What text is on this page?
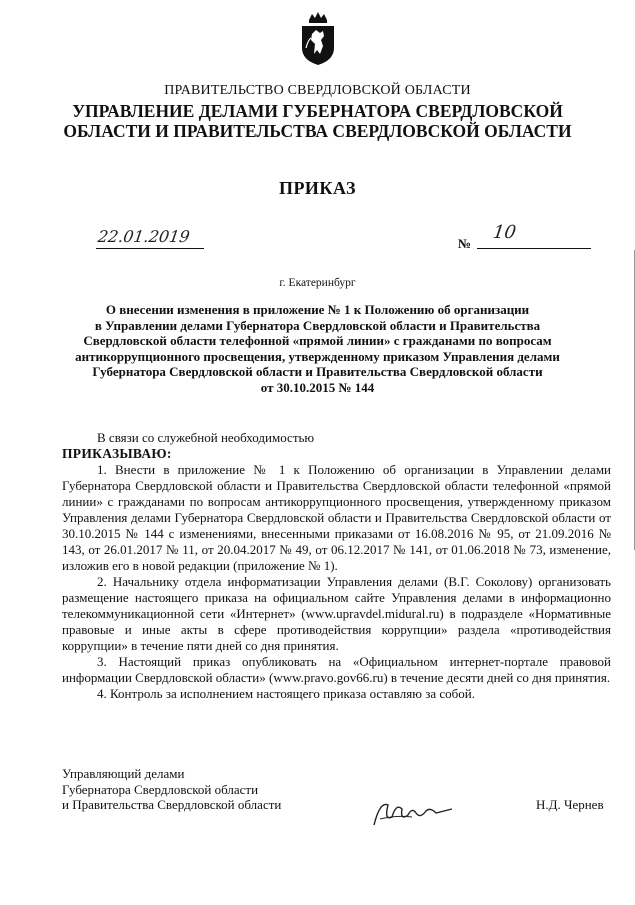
ПРАВИТЕЛЬСТВО СВЕРДЛОВСКОЙ ОБЛАСТИ
УПРАВЛЕНИЕ ДЕЛАМИ ГУБЕРНАТОРА СВЕРДЛОВСКОЙ
ОБЛАСТИ И ПРАВИТЕЛЬСТВА СВЕРДЛОВСКОЙ ОБЛАСТИ
ПРИКАЗ
22.01.2019	№
10
г. Екатеринбург
О внесении изменения в приложение № 1 к Положению об организации
в Управлении делами Губернатора Свердловской области и Правительства
Свердловской области телефонной «прямой линии» с гражданами по вопросам
антикоррупционного просвещения, утвержденному приказом Управления делами
Губернатора Свердловской области и Правительства Свердловской области
от 30.10.2015 № 144

В связи со служебной необходимостью

ПРИКАЗЫВАЮ:

1. Внести в приложение № 1 к Положению об организации в Управлении делами Губернатора Свердловской области и Правительства Свердловской области телефонной «прямой линии» с гражданами по вопросам антикоррупционного просвещения, утвержденному приказом Управления делами Губернатора Свердловской области и Правительства Свердловской области от 30.10.2015 № 144 с изменениями, внесенными приказами от 16.08.2016 № 95, от 21.09.2016 № 143, от 26.01.2017 № 11, от 20.04.2017 № 49, от 06.12.2017 № 141, от 01.06.2018 № 73, изменение, изложив его в новой редакции (приложение № 1).

2. Начальнику отдела информатизации Управления делами (В.Г. Соколову) организовать размещение настоящего приказа на официальном сайте Управления делами в информационно телекоммуникационной сети «Интернет» (www.upravdel.midural.ru) в подразделе «Нормативные правовые и иные акты в сфере противодействия коррупции» раздела «противодействия коррупции» в течение пяти дней со дня принятия.

3. Настоящий приказ опубликовать на «Официальном интернет-портале правовой информации Свердловской области» (www.pravo.gov66.ru) в течение десяти дней со дня принятия.

4. Контроль за исполнением настоящего приказа оставляю за собой.

Управляющий делами
Губернатора Свердловской области
и Правительства Свердловской области	Н.Д. Чернев
